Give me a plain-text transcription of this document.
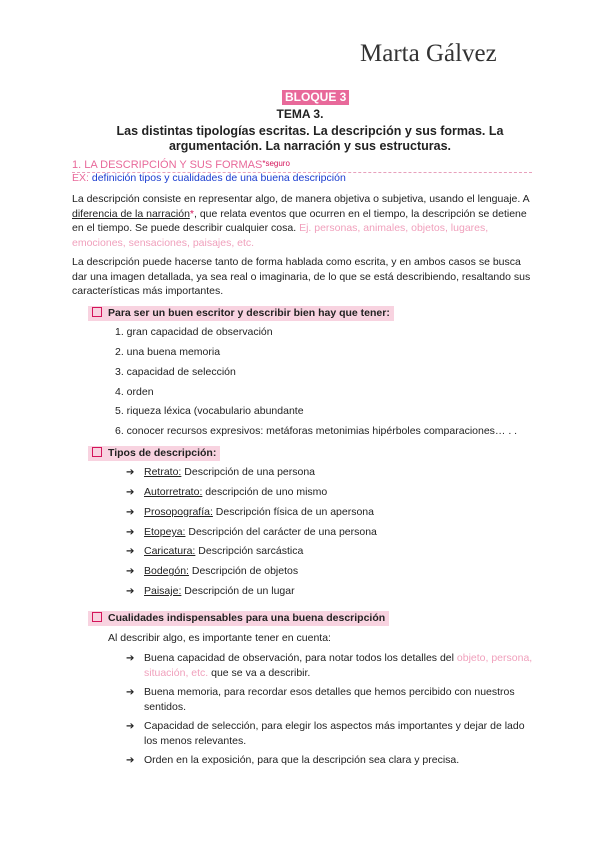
Marta Gálvez
BLOQUE 3
TEMA 3.
Las distintas tipologías escritas. La descripción y sus formas. La
argumentación. La narración y sus estructuras.
1. LA DESCRIPCIÓN Y SUS $FORMAS^{*seguro}$
EX: definición tipos y cualidades de una buena descripción
La descripción consiste en representar algo, de manera objetiva o subjetiva, usando el lenguaje. A
diferencia de la narración*, que relata eventos que ocurren en el tiempo, la descripción se detiene
en el tiempo. Se puede describir cualquier cosa. Ej. personas, animales, objetos, lugares,
emociones, sensaciones, paisajes, etc.
La descripción puede hacerse tanto de forma hablada como escrita, y en ambos casos se busca
dar una imagen detallada, ya sea real o imaginaria, de lo que se está describiendo, resaltando sus
características más importantes.
Para ser un buen escritor y describir bien hay que tener:
1. gran capacidad de observación
2. una buena memoria
3. capacidad de selección
4. orden
5. riqueza léxica (vocabulario abundante
6. conocer recursos expresivos: metáforas metonimias hipérboles comparaciones… . .
Tipos de descripción:
➔ Retrato: Descripción de una persona
➔ Autorretrato: descripción de uno mismo
➔ Prosopografía: Descripción física de un apersona
➔ Etopeya: Descripción del carácter de una persona
➔ Caricatura: Descripción sarcástica
➔ Bodegón: Descripción de objetos
➔ Paisaje: Descripción de un lugar
Cualidades indispensables para una buena descripción
Al describir algo, es importante tener en cuenta:
➔ Buena capacidad de observación, para notar todos los detalles del objeto, persona,
situación, etc. que se va a describir.
➔ Buena memoria, para recordar esos detalles que hemos percibido con nuestros
sentidos.
➔ Capacidad de selección, para elegir los aspectos más importantes y dejar de lado
los menos relevantes.
➔ Orden en la exposición, para que la descripción sea clara y precisa.
